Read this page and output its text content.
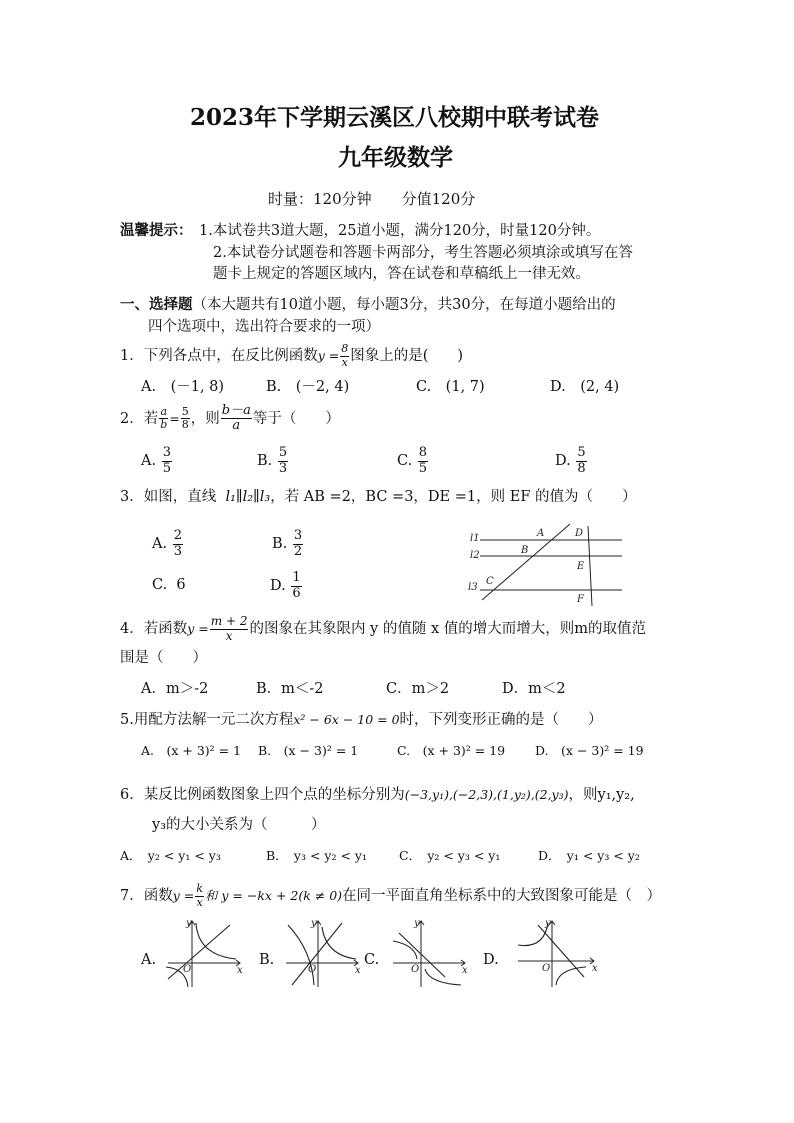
2023年下学期云溪区八校期中联考试卷
九年级数学
时量：120分钟　　分值120分
温馨提示： 1.本试卷共3道大题，25道小题，满分120分，时量120分钟。
2.本试卷分试题卷和答题卡两部分，考生答题必须填涂或填写在答
题卡上规定的答题区域内，答在试卷和草稿纸上一律无效。
一、选择题（本大题共有10道小题，每小题3分，共30分，在每道小题给出的
四个选项中，选出符合要求的一项）
1．下列各点中，在反比例函数$y = \frac{8}{x}$ 图象上的是(　　)
A.　(－1, 8)	B.　(－2, 4)	C.　(1, 7)	D.　(2, 4)
2．若 $\frac{a}{b} = \frac{5}{8}$ ，则 $\frac{b-a}{a}$ 等于（　　）
A. $\frac{3}{5}$	B. $\frac{5}{3}$	C. $\frac{8}{5}$	D. $\frac{5}{8}$
3．如图，直线 l₁∥l₂∥l₃，若 AB =2，BC =3，DE =1，则 EF 的值为（　　）
A. $\frac{2}{3}$	B. $\frac{3}{2}$
C. 6	D. $\frac{1}{6}$
l1
l2
l3
A
B
C
D
E
F
4．若函数$y = \frac{m + 2}{x}$ 的图象在其象限内 y 的值随 x 值的增大而增大，则m的取值范
围是（　　）
A．m＞-2	B．m＜-2	C．m＞2	D．m＜2
5.用配方法解一元二次方程x² − 6x − 10 = 0时，下列变形正确的是（　　）
A.　(x + 3)² = 1 B.　(x − 3)² = 1	C.　(x + 3)² = 19 D.　(x − 3)² = 19
6．某反比例函数图象上四个点的坐标分别为(−3,y₁),(−2,3),(1,y₂),(2,y₃)，则y₁,y₂,
y₃的大小关系为（　　　）
A．　y₂ < y₁ < y₃	B．　y₃ < y₂ < y₁	C．　y₂ < y₃ < y₁	D．　y₁ < y₃ < y₂
7．函数$y = \frac{k}{x}$ 和 y = −kx + 2(k ≠ 0)在同一平面直角坐标系中的大致图象可能是（　）
A.	B.	C.	D.
y
x
O
y
x
O
y
x
O
y
x
O
